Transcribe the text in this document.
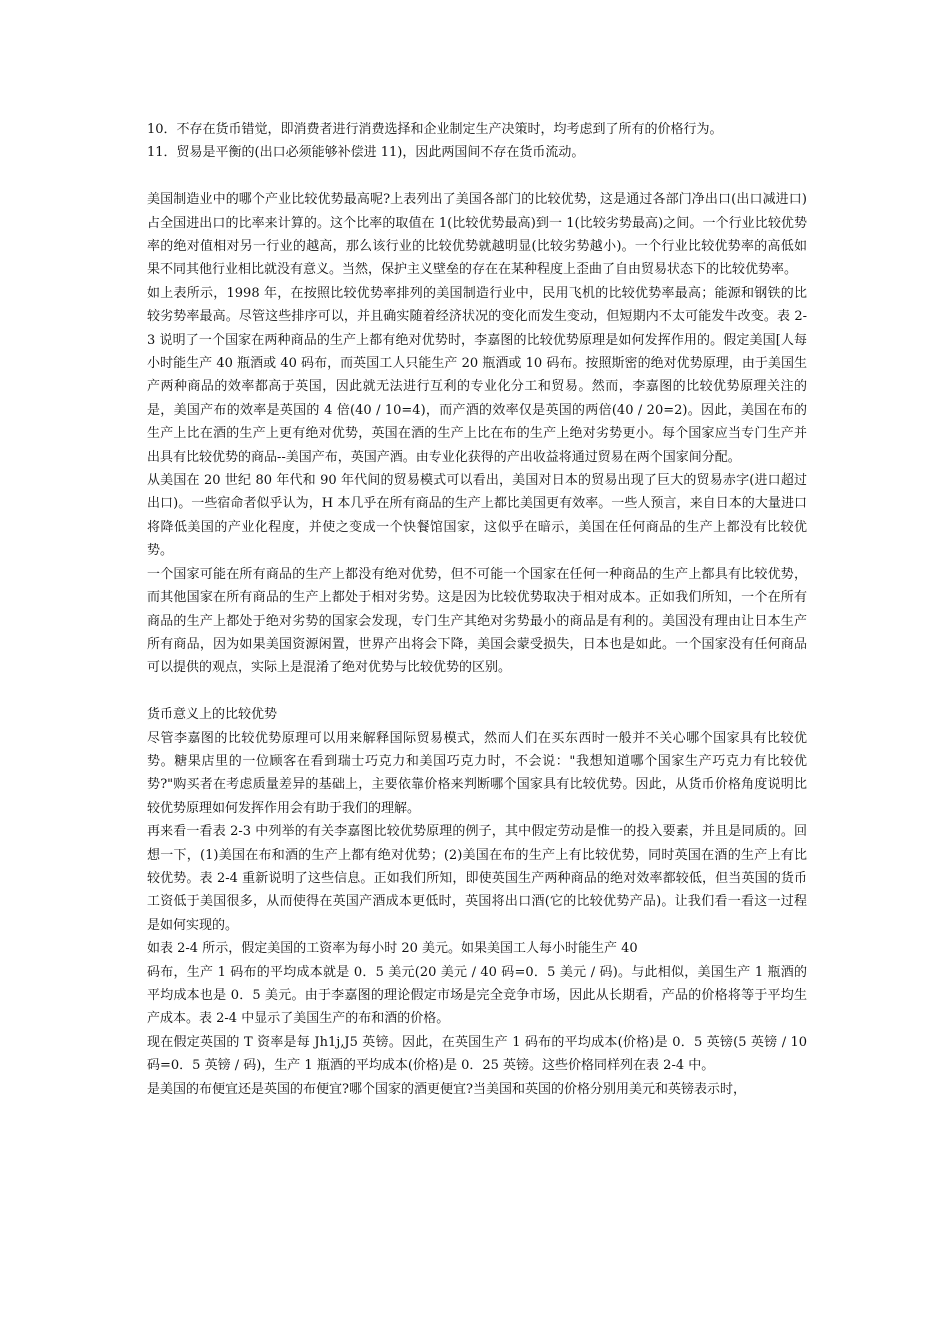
10．不存在货币错觉，即消费者进行消费选择和企业制定生产决策时，均考虑到了所有的价格行为。

11．贸易是平衡的(出口必须能够补偿进 11)，因此两国间不存在货币流动。

美国制造业中的哪个产业比较优势最高呢?上表列出了美国各部门的比较优势，这是通过各部门净出口(出口减进口)占全国进出口的比率来计算的。这个比率的取值在 1(比较优势最高)到一 1(比较劣势最高)之间。一个行业比较优势率的绝对值相对另一行业的越高，那么该行业的比较优势就越明显(比较劣势越小)。一个行业比较优势率的高低如果不同其他行业相比就没有意义。当然，保护主义壁垒的存在在某种程度上歪曲了自由贸易状态下的比较优势率。

如上表所示，1998 年，在按照比较优势率排列的美国制造行业中，民用飞机的比较优势率最高；能源和钢铁的比较劣势率最高。尽管这些排序可以，并且确实随着经济状况的变化而发生变动，但短期内不太可能发牛改变。表 2-3 说明了一个国家在两种商品的生产上都有绝对优势时，李嘉图的比较优势原理是如何发挥作用的。假定美国[人每小时能生产 40 瓶酒或 40 码布，而英国工人只能生产 20 瓶酒或 10 码布。按照斯密的绝对优势原理，由于美国生产两种商品的效率都高于英国，因此就无法进行互利的专业化分工和贸易。然而，李嘉图的比较优势原理关注的是，美国产布的效率是英国的 4 倍(40 / 10=4)，而产酒的效率仅是英国的两倍(40 / 20=2)。因此，美国在布的生产上比在酒的生产上更有绝对优势，英国在酒的生产上比在布的生产上绝对劣势更小。每个国家应当专门生产并出具有比较优势的商品--美国产布，英国产酒。由专业化获得的产出收益将通过贸易在两个国家间分配。

从美国在 20 世纪 80 年代和 90 年代间的贸易模式可以看出，美国对日本的贸易出现了巨大的贸易赤字(进口超过出口)。一些宿命者似乎认为，H 本几乎在所有商品的生产上都比美国更有效率。一些人预言，来自日本的大量进口将降低美国的产业化程度，并使之变成一个快餐馆国家，这似乎在暗示，美国在任何商品的生产上都没有比较优势。

一个国家可能在所有商品的生产上都没有绝对优势，但不可能一个国家在任何一种商品的生产上都具有比较优势，而其他国家在所有商品的生产上都处于相对劣势。这是因为比较优势取决于相对成本。正如我们所知，一个在所有商品的生产上都处于绝对劣势的国家会发现，专门生产其绝对劣势最小的商品是有利的。美国没有理由让日本生产所有商品，因为如果美国资源闲置，世界产出将会下降，美国会蒙受损失，日本也是如此。一个国家没有任何商品可以提供的观点，实际上是混淆了绝对优势与比较优势的区别。

货币意义上的比较优势

尽管李嘉图的比较优势原理可以用来解释国际贸易模式，然而人们在买东西时一般并不关心哪个国家具有比较优势。糖果店里的一位顾客在看到瑞士巧克力和美国巧克力时，不会说："我想知道哪个国家生产巧克力有比较优势?"购买者在考虑质量差异的基础上，主要依靠价格来判断哪个国家具有比较优势。因此，从货币价格角度说明比较优势原理如何发挥作用会有助于我们的理解。

再来看一看表 2-3 中列举的有关李嘉图比较优势原理的例子，其中假定劳动是惟一的投入要素，并且是同质的。回想一下，(1)美国在布和酒的生产上都有绝对优势；(2)美国在布的生产上有比较优势，同时英国在酒的生产上有比较优势。表 2-4 重新说明了这些信息。正如我们所知，即使英国生产两种商品的绝对效率都较低，但当英国的货币工资低于美国很多，从而使得在英国产酒成本更低时，英国将出口酒(它的比较优势产品)。让我们看一看这一过程是如何实现的。

如表 2-4 所示，假定美国的工资率为每小时 20 美元。如果美国工人每小时能生产 40

码布，生产 1 码布的平均成本就是 0．5 美元(20 美元 / 40 码=0．5 美元 / 码)。与此相似，美国生产 1 瓶酒的平均成本也是 0．5 美元。由于李嘉图的理论假定市场是完全竞争市场，因此从长期看，产品的价格将等于平均生产成本。表 2-4 中显示了美国生产的布和酒的价格。

现在假定英国的 T 资率是每 Jh1j,J5 英镑。因此，在英国生产 1 码布的平均成本(价格)是 0．5 英镑(5 英镑 / 10 码=0．5 英镑 / 码)，生产 1 瓶酒的平均成本(价格)是 0．25 英镑。这些价格同样列在表 2-4 中。

是美国的布便宜还是英国的布便宜?哪个国家的酒更便宜?当美国和英国的价格分别用美元和英镑表示时，
